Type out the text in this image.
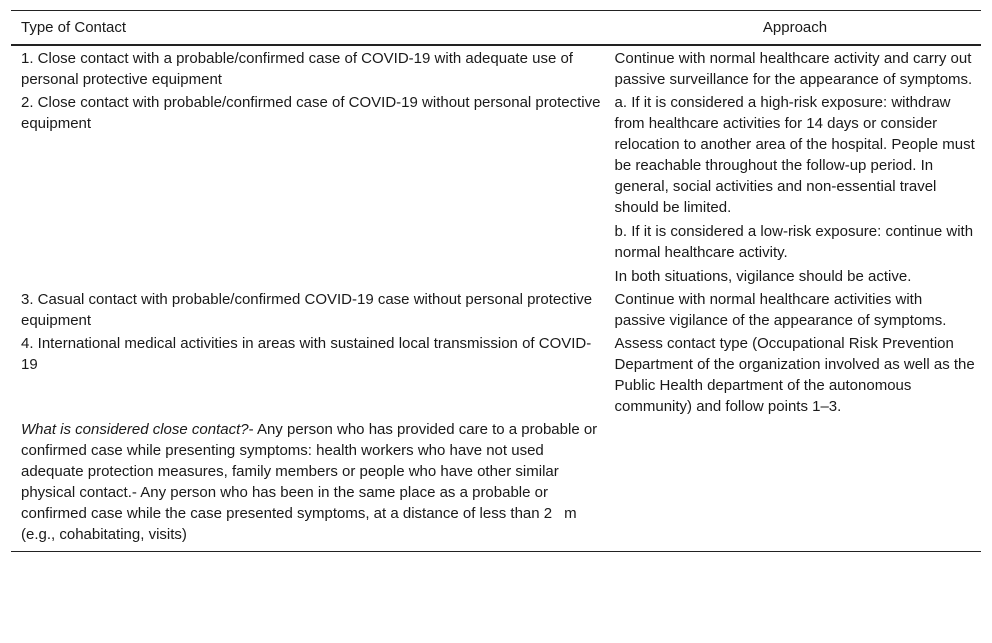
Type of Contact	Approach

1. Close contact with a probable/confirmed case of COVID-19 with adequate use of personal protective equipment

Continue with normal healthcare activity and carry out passive surveillance for the appearance of symptoms.

2. Close contact with probable/confirmed case of COVID-19 without personal protective equipment

a. If it is considered a high-risk exposure: withdraw from healthcare activities for 14 days or consider relocation to another area of the hospital. People must be reachable throughout the follow-up period. In general, social activities and non-essential travel should be limited.

b. If it is considered a low-risk exposure: continue with normal healthcare activity.

In both situations, vigilance should be active.

3. Casual contact with probable/confirmed COVID-19 case without personal protective equipment

Continue with normal healthcare activities with passive vigilance of the appearance of symptoms.

4. International medical activities in areas with sustained local transmission of COVID-19

Assess contact type (Occupational Risk Prevention Department of the organization involved as well as the Public Health department of the autonomous community) and follow points 1–3.

What is considered close contact?- Any person who has provided care to a probable or confirmed case while presenting symptoms: health workers who have not used adequate protection measures, family members or people who have other similar physical contact.- Any person who has been in the same place as a probable or confirmed case while the case presented symptoms, at a distance of less than 2    m (e.g., cohabitating, visits)
